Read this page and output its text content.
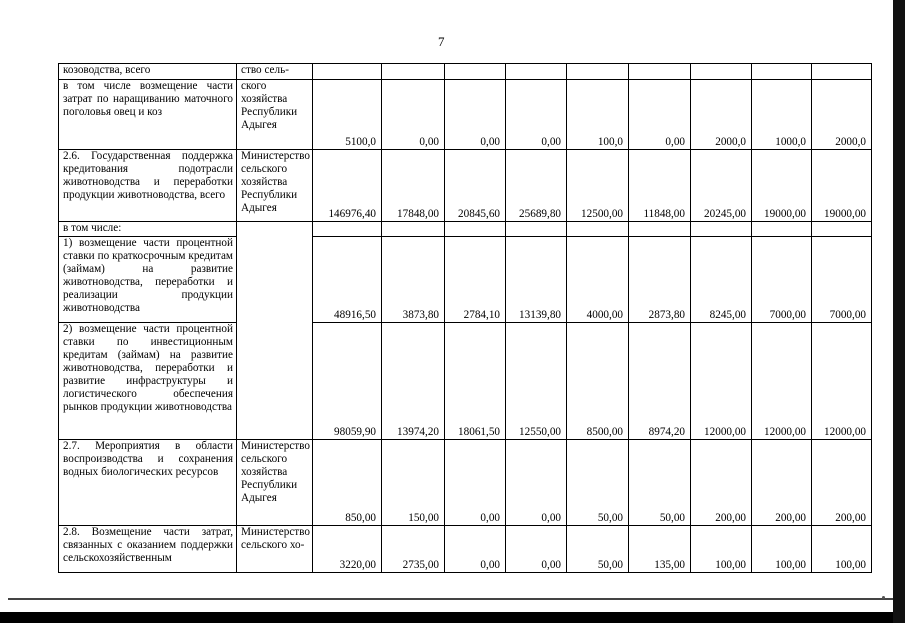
7
козоводства, всего	ство сель-									
в том числе возмещение части затрат по наращиванию маточного поголовья овец и коз	ского хозяйства Республики Адыгея	5100,0	0,00	0,00	0,00	100,0	0,00	2000,0	1000,0	2000,0
2.6. Государственная поддержка кредитования подотрасли животноводства и переработки продукции животноводства, всего	Министерство сельского хозяйства Республики Адыгея	146976,40	17848,00	20845,60	25689,80	12500,00	11848,00	20245,00	19000,00	19000,00
в том числе:										
1) возмещение части процентной ставки по краткосрочным кредитам (займам) на развитие животноводства, переработки и реализации продукции животноводства		48916,50	3873,80	2784,10	13139,80	4000,00	2873,80	8245,00	7000,00	7000,00
2) возмещение части процентной ставки по инвестиционным кредитам (займам) на развитие животноводства, переработки и развитие инфраструктуры и логистического обеспечения рынков продукции животноводства		98059,90	13974,20	18061,50	12550,00	8500,00	8974,20	12000,00	12000,00	12000,00
2.7. Мероприятия в области воспроизводства и сохранения водных биологических ресурсов	Министерство сельского хозяйства Республики Адыгея	850,00	150,00	0,00	0,00	50,00	50,00	200,00	200,00	200,00
2.8. Возмещение части затрат, связанных с оказанием поддержки сельскохозяйственным	Министерство сельского хо-	3220,00	2735,00	0,00	0,00	50,00	135,00	100,00	100,00	100,00
